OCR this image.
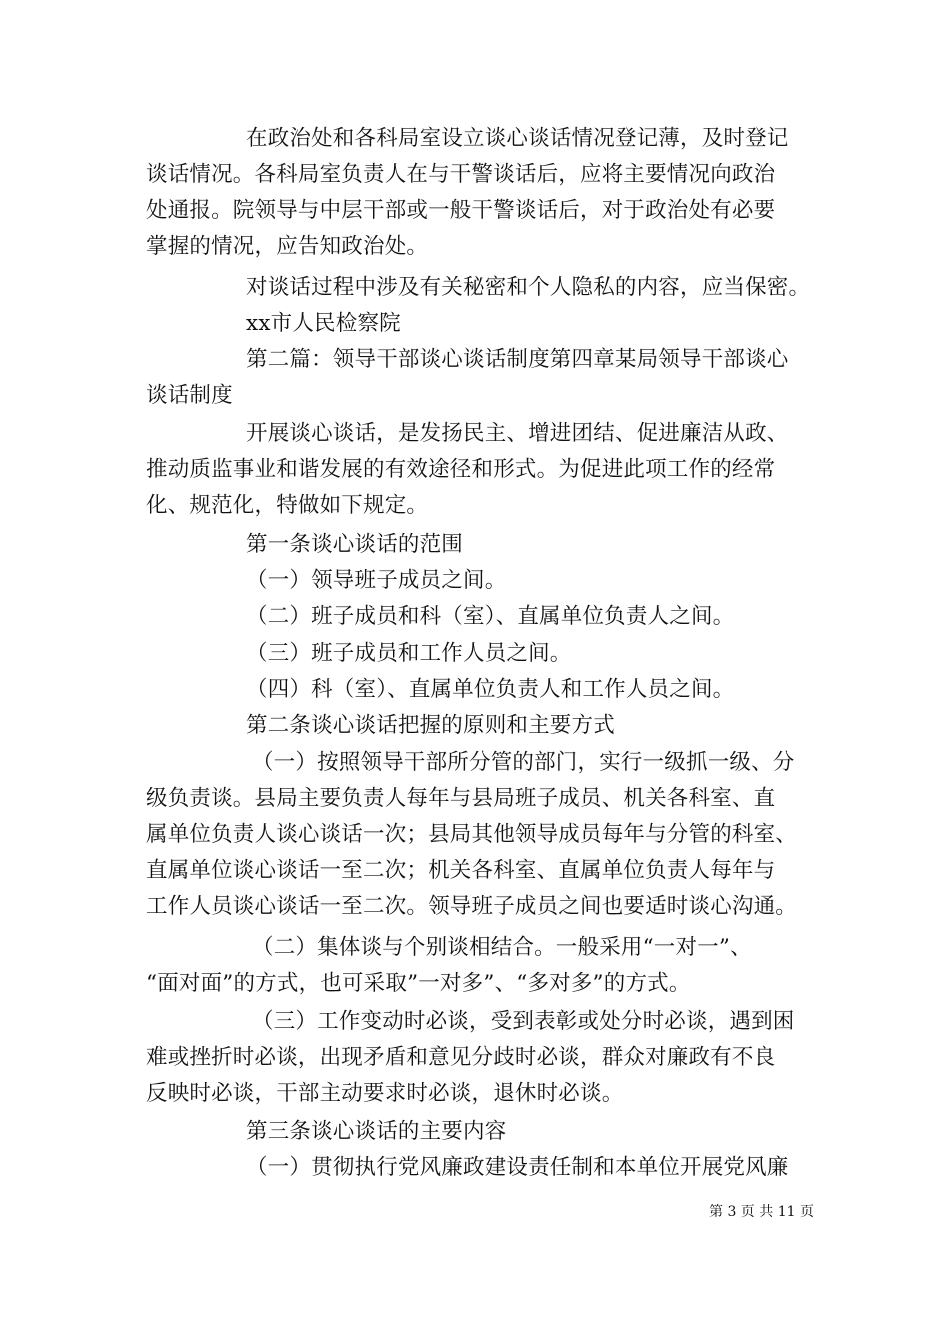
在政治处和各科局室设立谈心谈话情况登记薄，及时登记
谈话情况。各科局室负责人在与干警谈话后，应将主要情况向政治
处通报。院领导与中层干部或一般干警谈话后，对于政治处有必要
掌握的情况，应告知政治处。
对谈话过程中涉及有关秘密和个人隐私的内容，应当保密。
xx市人民检察院
第二篇：领导干部谈心谈话制度第四章某局领导干部谈心
谈话制度
开展谈心谈话，是发扬民主、增进团结、促进廉洁从政、
推动质监事业和谐发展的有效途径和形式。为促进此项工作的经常
化、规范化，特做如下规定。
第一条谈心谈话的范围
（一）领导班子成员之间。
（二）班子成员和科（室）、直属单位负责人之间。
（三）班子成员和工作人员之间。
（四）科（室）、直属单位负责人和工作人员之间。
第二条谈心谈话把握的原则和主要方式
（一）按照领导干部所分管的部门，实行一级抓一级、分
级负责谈。县局主要负责人每年与县局班子成员、机关各科室、直
属单位负责人谈心谈话一次；县局其他领导成员每年与分管的科室、
直属单位谈心谈话一至二次；机关各科室、直属单位负责人每年与
工作人员谈心谈话一至二次。领导班子成员之间也要适时谈心沟通。
（二）集体谈与个别谈相结合。一般采用“一对一”、
“面对面”的方式，也可采取”一对多”、“多对多”的方式。
（三）工作变动时必谈，受到表彰或处分时必谈，遇到困
难或挫折时必谈，出现矛盾和意见分歧时必谈，群众对廉政有不良
反映时必谈，干部主动要求时必谈，退休时必谈。
第三条谈心谈话的主要内容
（一）贯彻执行党风廉政建设责任制和本单位开展党风廉
第 3 页 共 11 页
